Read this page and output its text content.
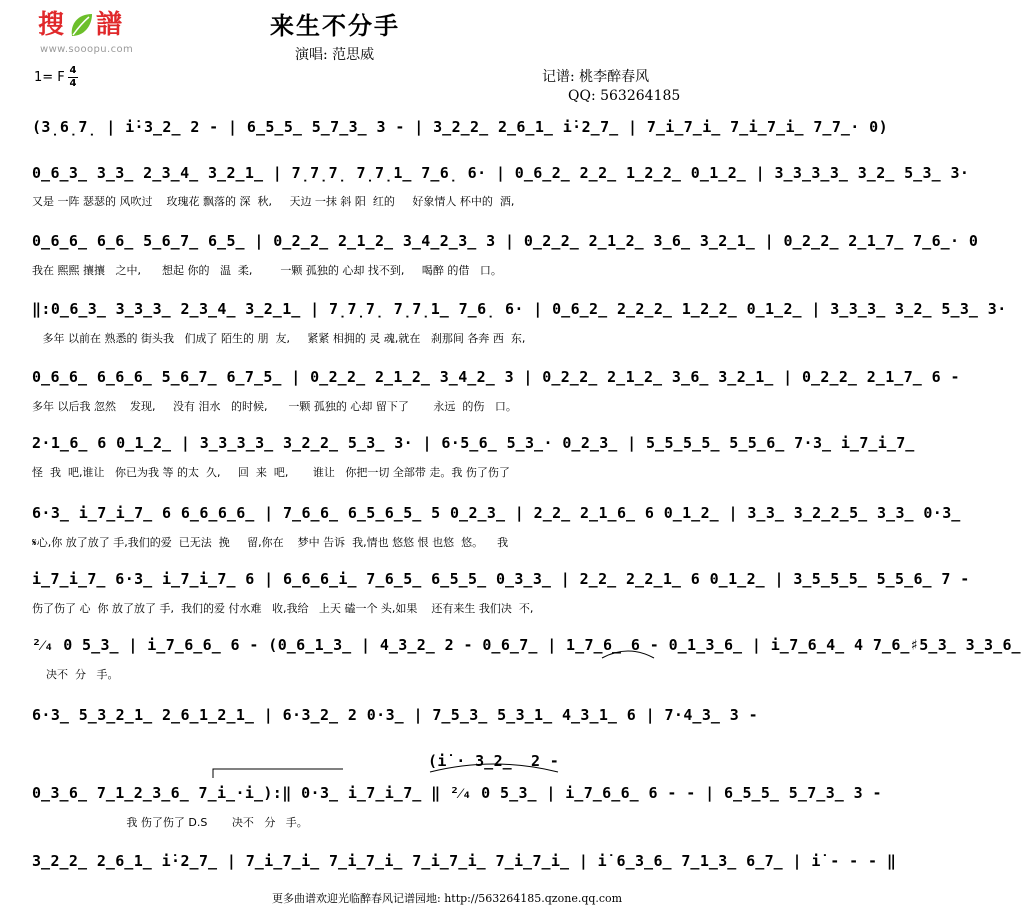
搜 譜
www.sooopu.com
来生不分手
演唱: 范思威
1= F 4
4	记谱: 桃李醉春风
QQ: 563264185
(3̣6̣7̣ | i̇·3̲2̲ 2 - | 6̲5̲5̲ 5̲7̲3̲ 3 - | 3̲2̲2̲ 2̲6̲1̲ i̇·2̲7̲ | 7̲i̲7̲i̲ 7̲i̲7̲i̲ 7̲7̲· 0)
0̲6̲3̲ 3̲3̲ 2̲3̲4̲ 3̲2̲1̲ | 7̣7̣7̣ 7̣7̣1̲ 7̲6̣ 6· | 0̲6̲2̲ 2̲2̲ 1̲2̲2̲ 0̲1̲2̲ | 3̲3̲3̲3̲ 3̲2̲ 5̲3̲ 3·
又是 一阵 瑟瑟的 风吹过    玫瑰花 飘落的 深  秋,     天边 一抹 斜 阳  红的     好象情人 杯中的  酒,
0̲6̲6̲ 6̲6̲ 5̲6̲7̲ 6̲5̲ | 0̲2̲2̲ 2̲1̲2̲ 3̲4̲2̲3̲ 3 | 0̲2̲2̲ 2̲1̲2̲ 3̲6̲ 3̲2̲1̲ | 0̲2̲2̲ 2̲1̲7̲ 7̲6̲· 0
我在 熙熙 攘攘   之中,      想起 你的   温  柔,        一颗 孤独的 心却 找不到,     喝醉 的借   口。
‖:0̲6̲3̲ 3̲3̲3̲ 2̲3̲4̲ 3̲2̲1̲ | 7̣7̣7̣ 7̣7̣1̲ 7̲6̣ 6· | 0̲6̲2̲ 2̲2̲2̲ 1̲2̲2̲ 0̲1̲2̲ | 3̲3̲3̲ 3̲2̲ 5̲3̲ 3·
多年 以前在 熟悉的 街头我   们成了 陌生的 朋  友,     紧紧 相拥的 灵 魂,就在   刹那间 各奔 西  东,
0̲6̲6̲ 6̲6̲6̲ 5̲6̲7̲ 6̲7̲5̲ | 0̲2̲2̲ 2̲1̲2̲ 3̲4̲2̲ 3 | 0̲2̲2̲ 2̲1̲2̲ 3̲6̲ 3̲2̲1̲ | 0̲2̲2̲ 2̲1̲7̲ 6 -
多年 以后我 忽然    发现,     没有 泪水   的时候,      一颗 孤独的 心却 留下了       永远  的伤   口。
2·1̲6̲ 6 0̲1̲2̲ | 3̲3̲3̲3̲ 3̲2̲2̲ 5̲3̲ 3· | 6·5̲6̲ 5̲3̲· 0̲2̲3̲ | 5̲5̲5̲5̲ 5̲5̲6̲ 7·3̲ i̲7̲i̲7̲
怪  我  吧,谁让   你已为我 等 的太  久,     回  来  吧,       谁让   你把一切 全部带 走。我 伤了伤了
6·3̲ i̲7̲i̲7̲ 6 6̲6̲6̲6̲ | 7̲6̲6̲ 6̲5̲6̲5̲ 5 0̲2̲3̲ | 2̲2̲ 2̲1̲6̲ 6 0̲1̲2̲ | 3̲3̲ 3̲2̲2̲5̲ 3̲3̲ 0·3̲
𝄋心,你 放了放了 手,我们的爱  已无法  挽     留,你在    梦中 告诉  我,情也 悠悠 恨 也悠  悠。    我
i̲7̲i̲7̲ 6·3̲ i̲7̲i̲7̲ 6 | 6̲6̲6̲i̲ 7̲6̲5̲ 6̲5̲5̲ 0̲3̲3̲ | 2̲2̲ 2̲2̲1̲ 6 0̲1̲2̲ | 3̲5̲5̲5̲ 5̲5̲6̲ 7 -
伤了伤了 心  你 放了放了 手,  我们的爱 付水难   收,我给   上天 磕一个 头,如果    还有来生 我们决  不,
²⁄₄ 0 5̲3̲ | i̲7̲6̲6̲ 6 - (0̲6̲1̲3̲ | 4̲3̲2̲ 2 - 0̲6̲7̲ | 1̲7̲6̲ 6 - 0̲1̲3̲6̲ | i̲7̲6̲4̲ 4 7̲6̲♯5̲3̲ 3̲3̲6̲
决不  分   手。
6·3̲ 5̲3̲2̲1̲ 2̲6̲1̲2̲1̲ | 6·3̲2̲ 2 0·3̲ | 7̲5̲3̲ 5̲3̲1̲ 4̲3̲1̲ 6 | 7·4̲3̲ 3 -
(i̇ · 3̲2̲  2 -
0̲3̲6̲ 7̲1̲2̲3̲6̲ 7̲i̲·i̲):‖ 0·3̲ i̲7̲i̲7̲ ‖ ²⁄₄ 0 5̲3̲ | i̲7̲6̲6̲ 6 - - | 6̲5̲5̲ 5̲7̲3̲ 3 -
我 伤了伤了 D.S       决不   分   手。
3̲2̲2̲ 2̲6̲1̲ i̇·2̲7̲ | 7̲i̲7̲i̲ 7̲i̲7̲i̲ 7̲i̲7̲i̲ 7̲i̲7̲i̲ | i̇ 6̲3̲6̲ 7̲1̲3̲ 6̲7̲ | i̇ - - - ‖
更多曲谱欢迎光临醉春风记谱园地: http://563264185.qzone.qq.com
